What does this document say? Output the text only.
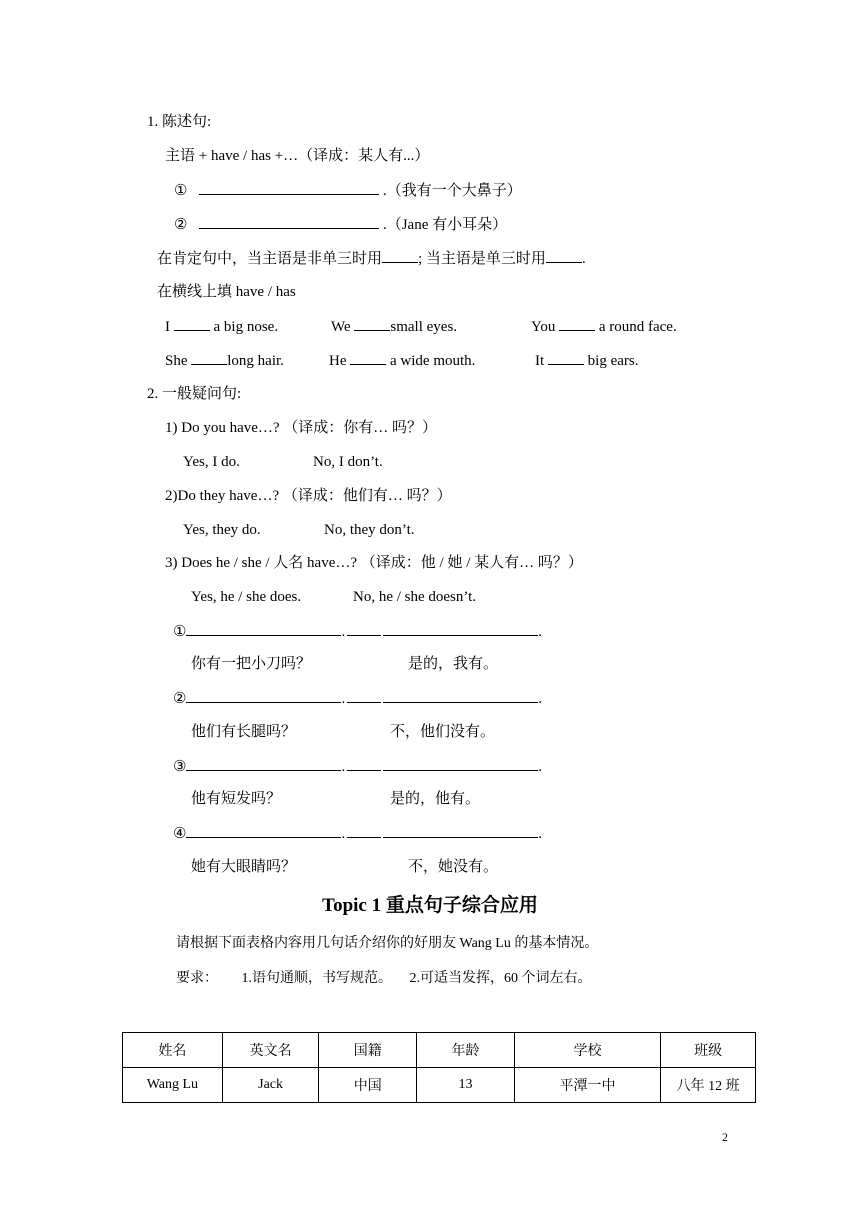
1. 陈述句:
主语 + have / has +…（译成：某人有...）
①	.（我有一个大鼻子）
②	.（Jane 有小耳朵）
在肯定句中，当主语是非单三时用 ; 当主语是单三时用 .
在横线上填 have / has
I	a big nose.	We	small eyes.	You	a round face.
She	long hair.	He	a wide mouth.	It	big ears.
2. 一般疑问句:
1) Do you have…? （译成：你有… 吗？）
Yes, I do.	No, I don’t.
2)Do they have…? （译成：他们有… 吗？）
Yes, they do.	No, they don’t.
3) Does he / she / 人名 have…? （译成：他 / 她 / 某人有… 吗？）
Yes, he / she does.	No, he / she doesn’t.
①	.	.
你有一把小刀吗？	是的，我有。
②	.	.
他们有长腿吗？	不，他们没有。
③	.	.
他有短发吗？	是的，他有。
④	.	.
她有大眼睛吗？	不，她没有。
Topic 1 重点句子综合应用
请根据下面表格内容用几句话介绍你的好朋友 Wang Lu 的基本情况。
要求： 1.语句通顺，书写规范。 2.可适当发挥，60 个词左右。
姓名	英文名	国籍	年龄	学校	班级
Wang Lu	Jack	中国	13	平潭一中	八年 12 班
2
